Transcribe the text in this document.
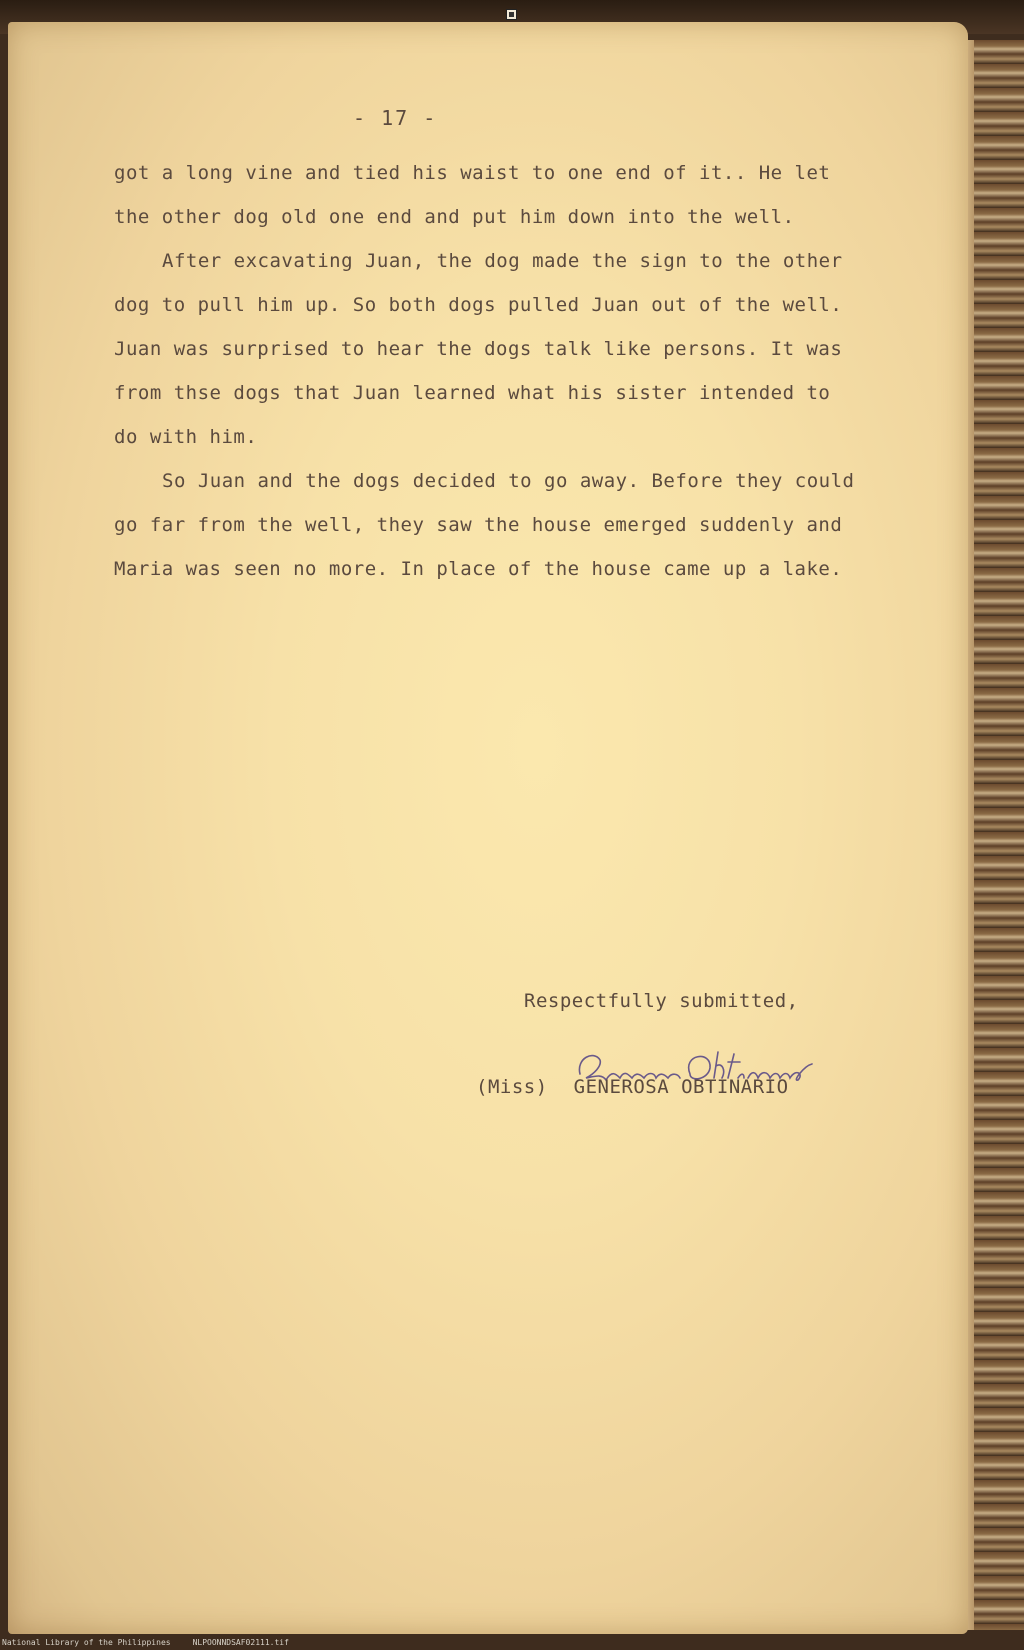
- 17 -
got a long vine and tied his waist to one end of it.. He let
the other dog old one end and put him down into the well.
After excavating Juan, the dog made the sign to the other
dog to pull him up. So both dogs pulled Juan out of the well.
Juan was surprised to hear the dogs talk like persons. It was
from thse dogs that Juan learned what his sister intended to
do with him.
So Juan and the dogs decided to go away. Before they could
go far from the well, they saw the house emerged suddenly and
Maria was seen no more. In place of the house came up a lake.
Respectfully submitted,
(Miss) GENEROSA OBTINARIO
National Library of the Philippines	NLPOONNDSAF02111.tif
